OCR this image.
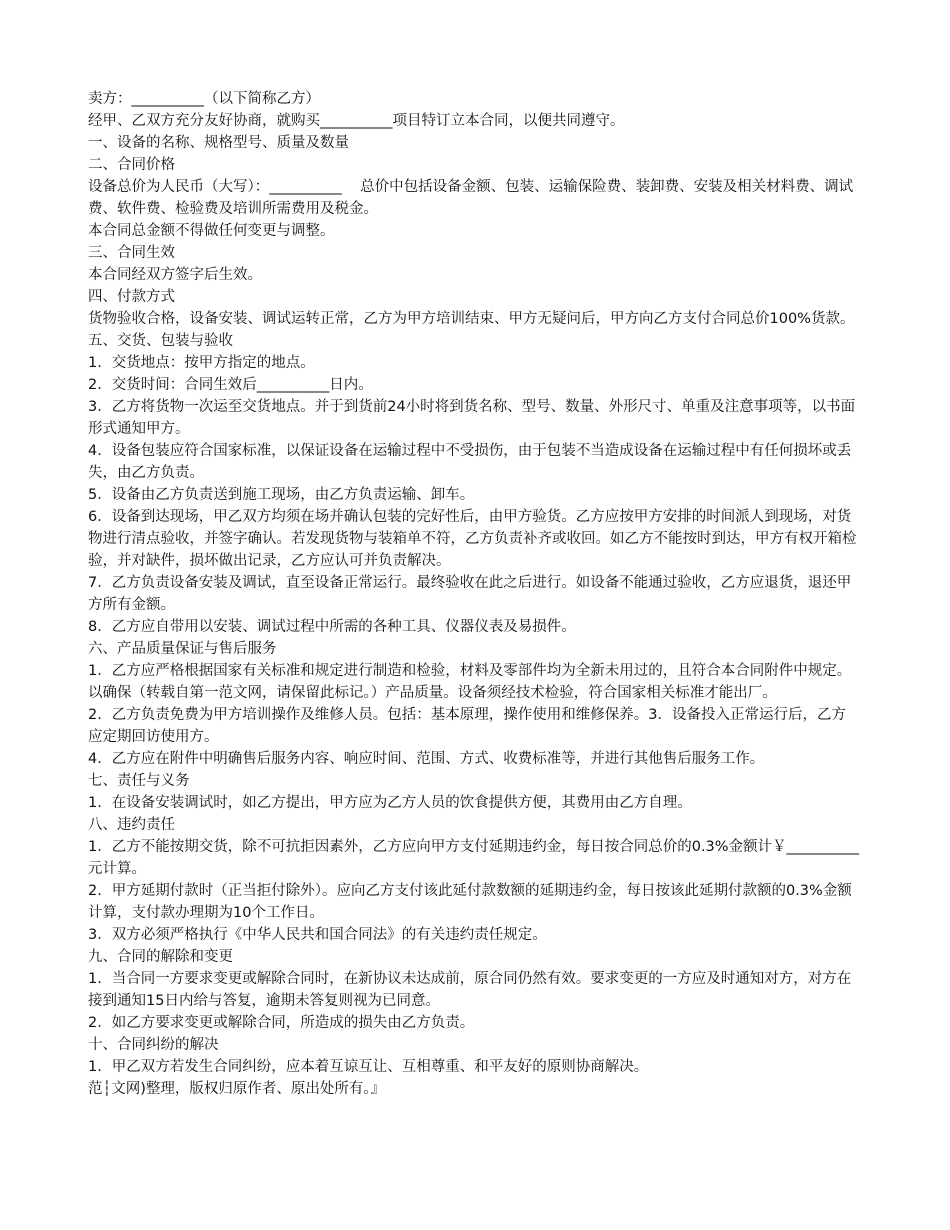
卖方：__________（以下简称乙方）

经甲、乙双方充分友好协商，就购买__________项目特订立本合同，以便共同遵守。

一、设备的名称、规格型号、质量及数量

二、合同价格

设备总价为人民币（大写）：__________    总价中包括设备金额、包装、运输保险费、装卸费、安装及相关材料费、调试费、软件费、检验费及培训所需费用及税金。

本合同总金额不得做任何变更与调整。

三、合同生效

本合同经双方签字后生效。

四、付款方式

货物验收合格，设备安装、调试运转正常，乙方为甲方培训结束、甲方无疑问后，甲方向乙方支付合同总价100%货款。五、交货、包装与验收

1．交货地点：按甲方指定的地点。

2．交货时间：合同生效后__________日内。

3．乙方将货物一次运至交货地点。并于到货前24小时将到货名称、型号、数量、外形尺寸、单重及注意事项等，以书面形式通知甲方。

4．设备包装应符合国家标准，以保证设备在运输过程中不受损伤，由于包装不当造成设备在运输过程中有任何损坏或丢失，由乙方负责。

5．设备由乙方负责送到施工现场，由乙方负责运输、卸车。

6．设备到达现场，甲乙双方均须在场并确认包装的完好性后，由甲方验货。乙方应按甲方安排的时间派人到现场，对货物进行清点验收，并签字确认。若发现货物与装箱单不符，乙方负责补齐或收回。如乙方不能按时到达，甲方有权开箱检验，并对缺件，损坏做出记录，乙方应认可并负责解决。

7．乙方负责设备安装及调试，直至设备正常运行。最终验收在此之后进行。如设备不能通过验收，乙方应退货，退还甲方所有金额。

8．乙方应自带用以安装、调试过程中所需的各种工具、仪器仪表及易损件。

六、产品质量保证与售后服务

1．乙方应严格根据国家有关标准和规定进行制造和检验，材料及零部件均为全新未用过的，且符合本合同附件中规定。以确保（转载自第一范文网，请保留此标记。）产品质量。设备须经技术检验，符合国家相关标准才能出厂。

2．乙方负责免费为甲方培训操作及维修人员。包括：基本原理，操作使用和维修保养。3．设备投入正常运行后，乙方应定期回访使用方。

4．乙方应在附件中明确售后服务内容、响应时间、范围、方式、收费标准等，并进行其他售后服务工作。

七、责任与义务

1．在设备安装调试时，如乙方提出，甲方应为乙方人员的饮食提供方便，其费用由乙方自理。

八、违约责任

1．乙方不能按期交货，除不可抗拒因素外，乙方应向甲方支付延期违约金，每日按合同总价的0.3%金额计￥__________元计算。

2．甲方延期付款时（正当拒付除外）。应向乙方支付该此延付款数额的延期违约金，每日按该此延期付款额的0.3%金额计算，支付款办理期为10个工作日。

3．双方必须严格执行《中华人民共和国合同法》的有关违约责任规定。

九、合同的解除和变更

1．当合同一方要求变更或解除合同时，在新协议未达成前，原合同仍然有效。要求变更的一方应及时通知对方，对方在接到通知15日内给与答复，逾期未答复则视为已同意。

2．如乙方要求变更或解除合同，所造成的损失由乙方负责。

十、合同纠纷的解决

1．甲乙双方若发生合同纠纷，应本着互谅互让、互相尊重、和平友好的原则协商解决。

范┆文网)整理，版权归原作者、原出处所有。』
